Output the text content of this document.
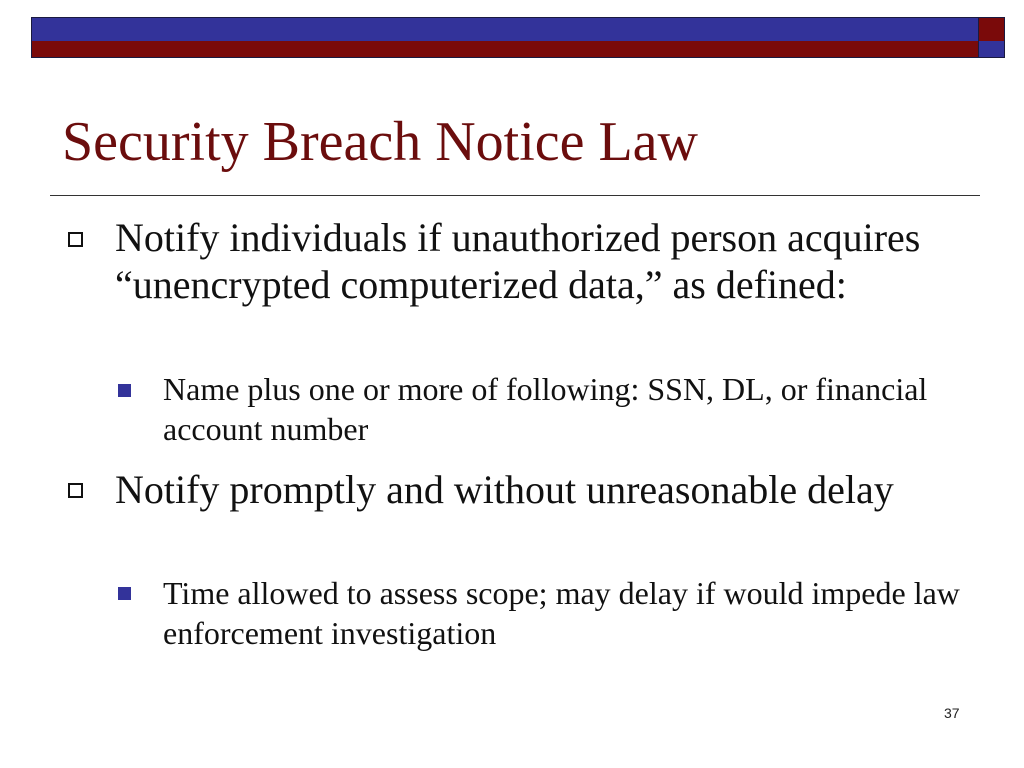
Security Breach Notice Law
Notify individuals if unauthorized person acquires “unencrypted computerized data,” as defined:
Name plus one or more of following: SSN, DL, or financial account number
Notify promptly and without unreasonable delay
Time allowed to assess scope; may delay if would impede law enforcement investigation
37
